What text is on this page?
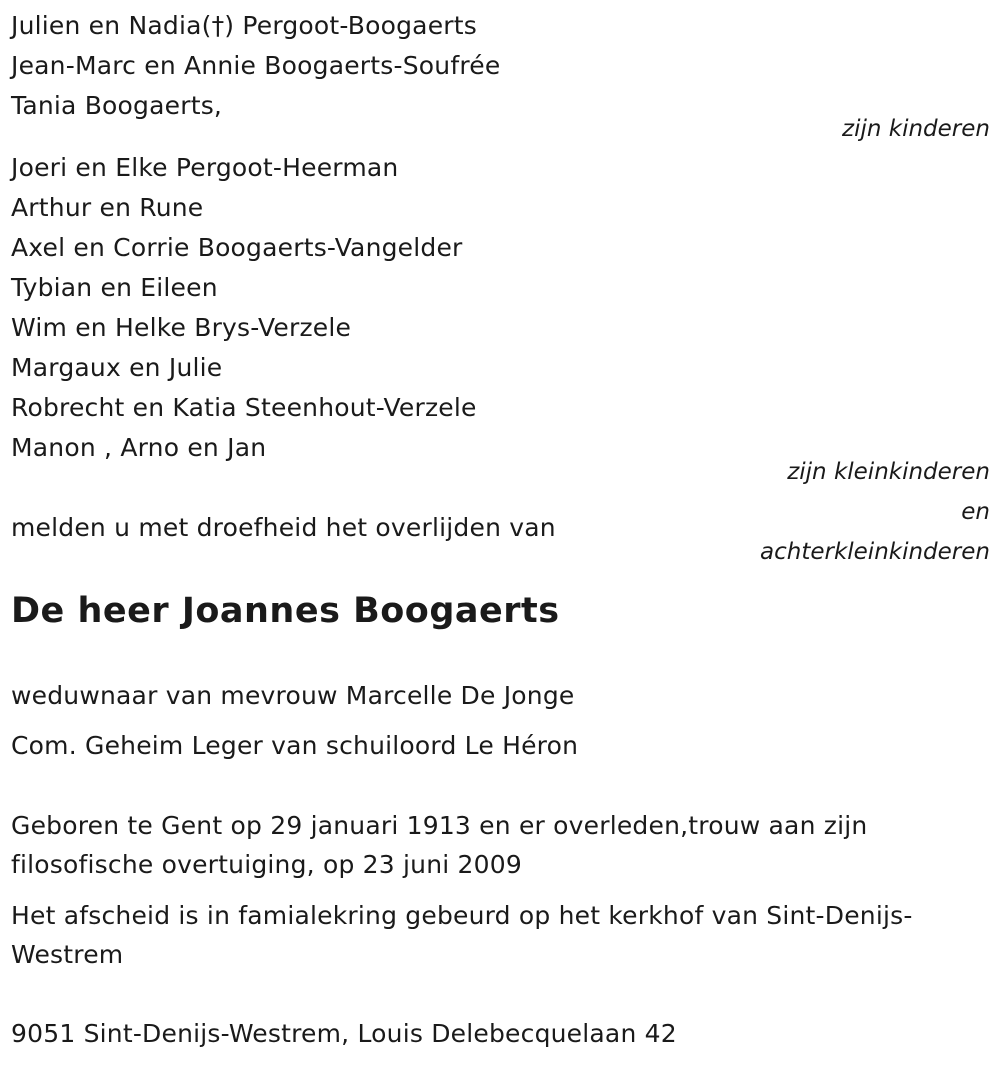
Julien en Nadia(†) Pergoot-Boogaerts
Jean-Marc en Annie Boogaerts-Soufrée
Tania Boogaerts,
zijn kinderen
Joeri en Elke Pergoot-Heerman
Arthur en Rune
Axel en Corrie Boogaerts-Vangelder
Tybian en Eileen
Wim en Helke Brys-Verzele
Margaux en Julie
Robrecht en Katia Steenhout-Verzele
Manon , Arno en Jan
zijn kleinkinderen
en
achterkleinkinderen
melden u met droefheid het overlijden van
De heer Joannes Boogaerts
weduwnaar van mevrouw Marcelle De Jonge
Com. Geheim Leger van schuiloord Le Héron
Geboren te Gent op 29 januari 1913 en er overleden,trouw aan zijn
filosofische overtuiging, op 23 juni 2009
Het afscheid is in famialekring gebeurd op het kerkhof van Sint-Denijs-
Westrem
9051 Sint-Denijs-Westrem, Louis Delebecquelaan 42
